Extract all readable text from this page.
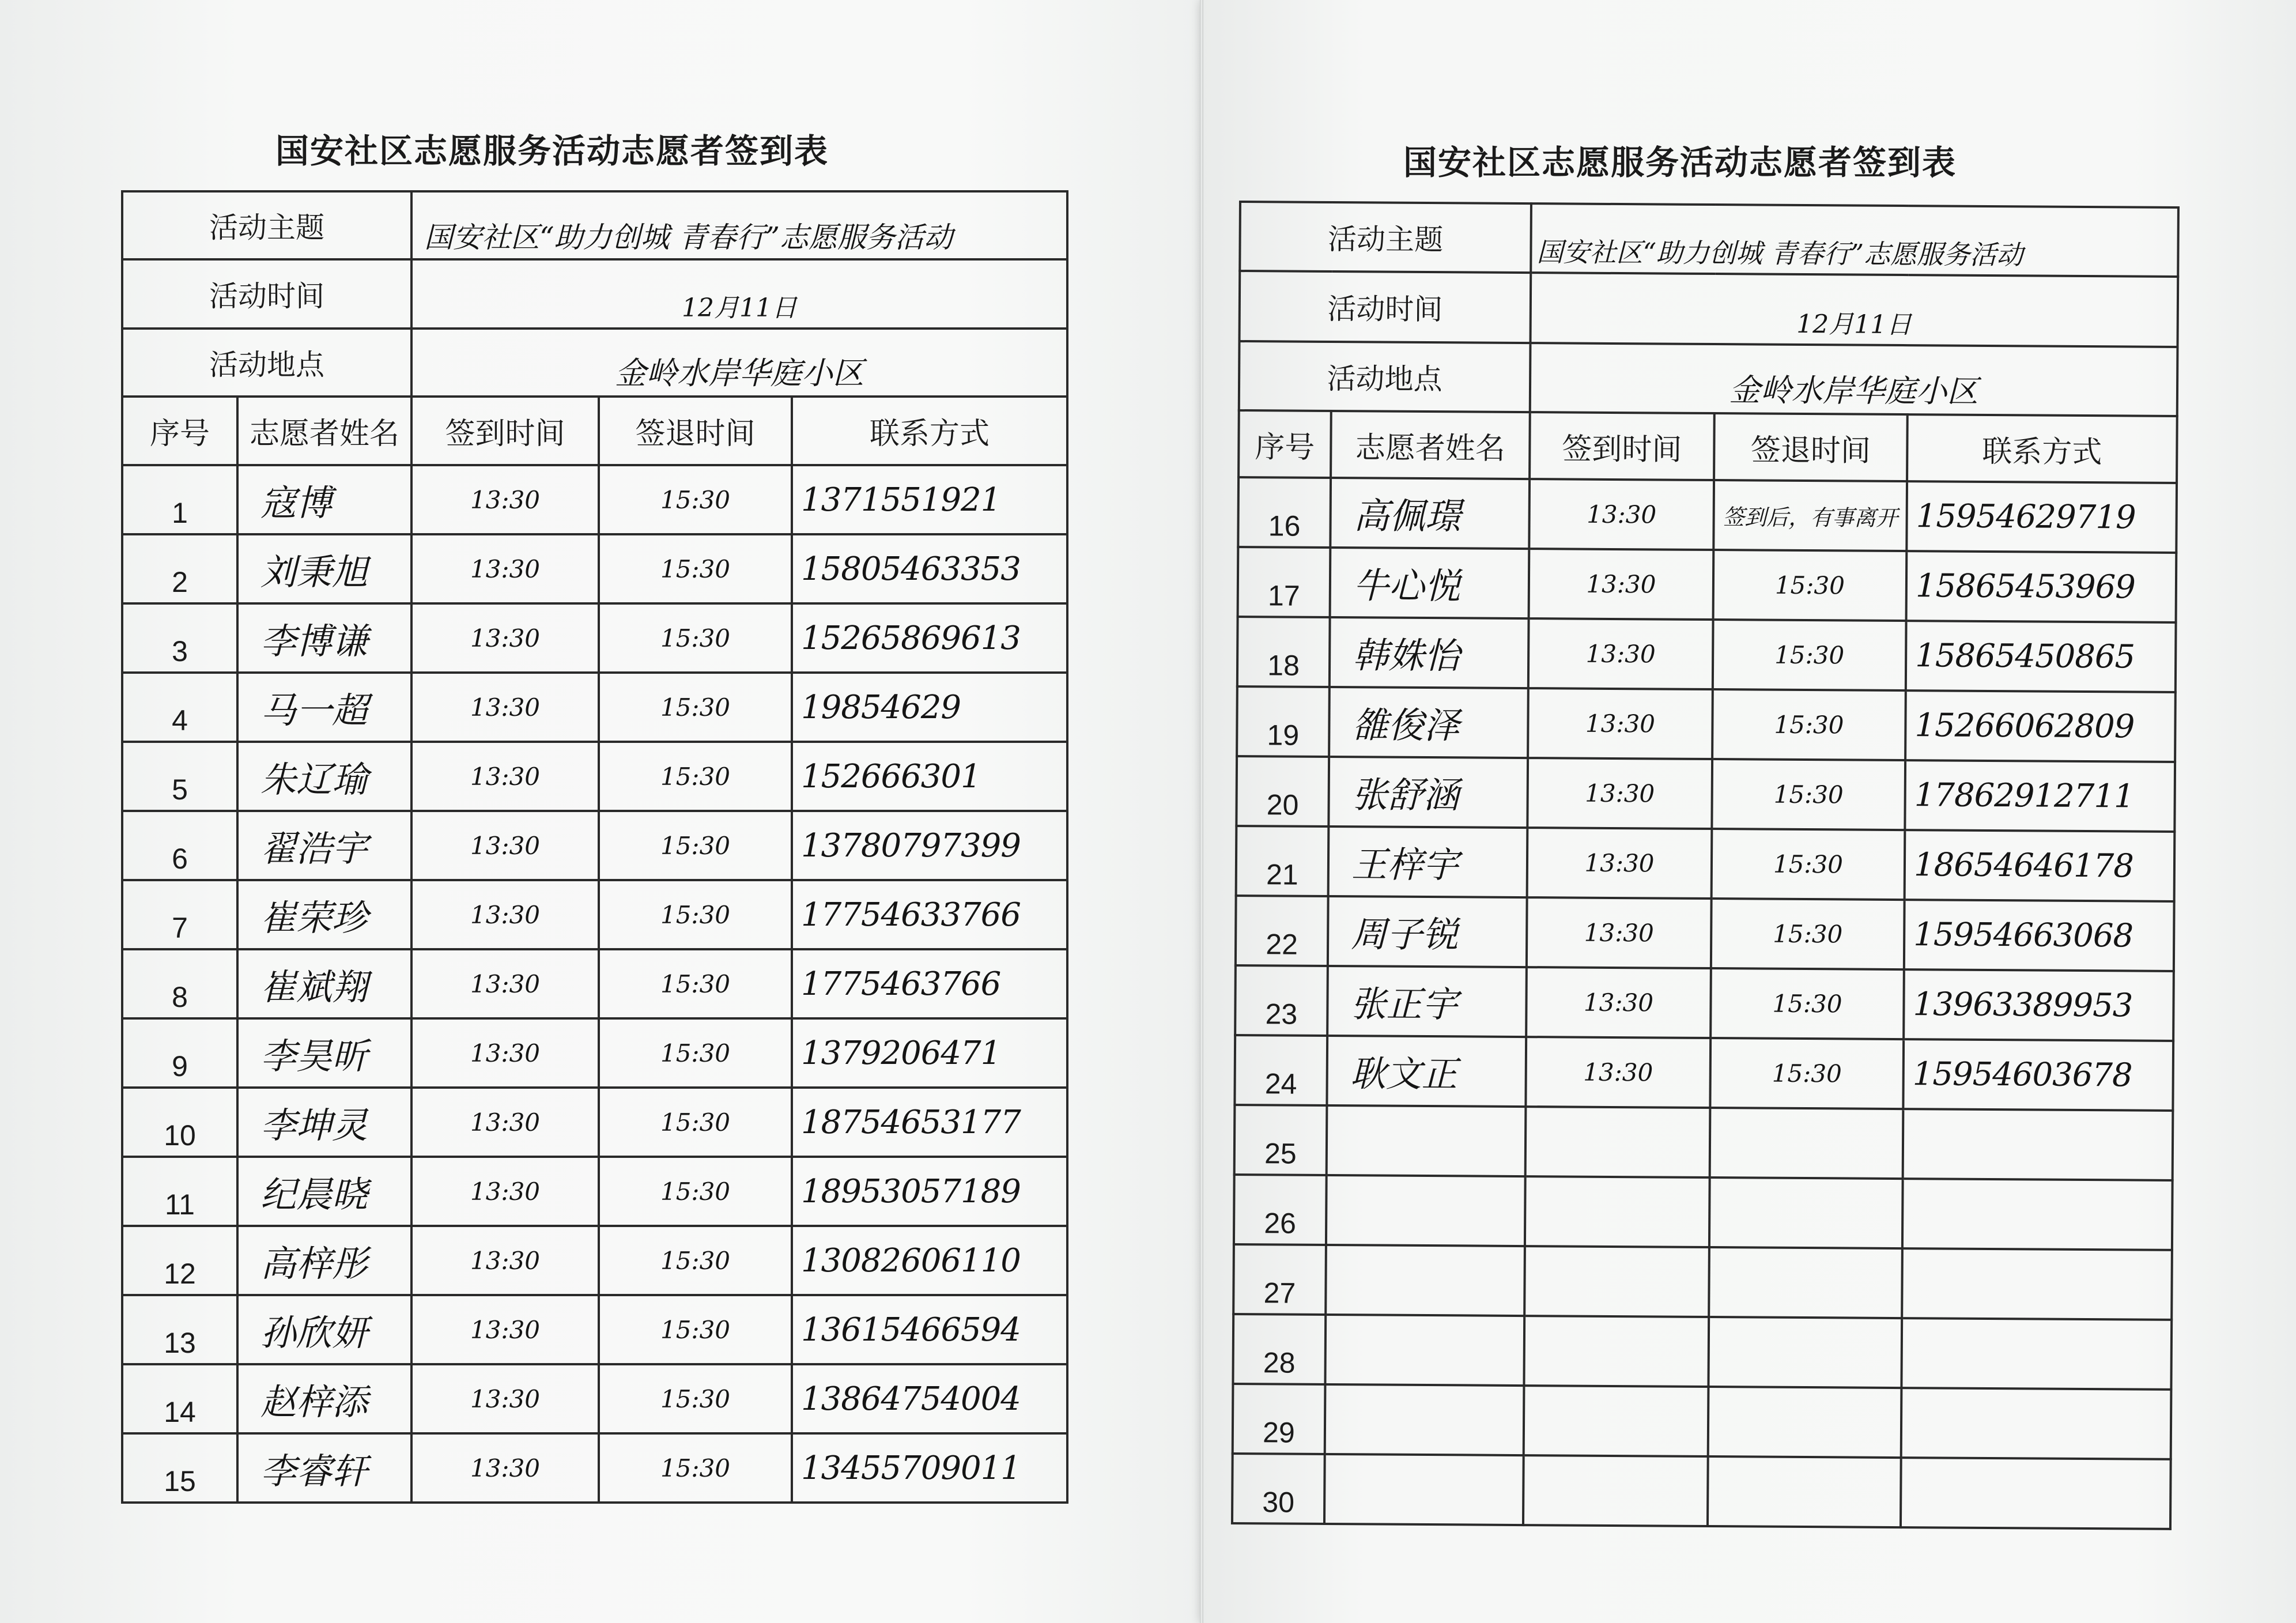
国安社区志愿服务活动志愿者签到表	国安社区志愿服务活动志愿者签到表
活动主题		国安社区“助力创城 青春行”志愿服务活动		
活动时间		12月11日		
活动地点		金岭水岸华庭小区		
序号	志愿者姓名	签到时间	签退时间	联系方式
1	寇博	13:30	15:30	1371551921
2	刘秉旭	13:30	15:30	15805463353
3	李博谦	13:30	15:30	15265869613
4	马一超	13:30	15:30	19854629
5	朱辽瑜	13:30	15:30	152666301
6	翟浩宇	13:30	15:30	13780797399
7	崔荣珍	13:30	15:30	17754633766
8	崔斌翔	13:30	15:30	1775463766
9	李昊昕	13:30	15:30	1379206471
10	李坤灵	13:30	15:30	18754653177
11	纪晨晓	13:30	15:30	18953057189
12	高梓彤	13:30	15:30	13082606110
13	孙欣妍	13:30	15:30	13615466594
14	赵梓添	13:30	15:30	13864754004
15	李睿轩	13:30	15:30	13455709011
活动主题		国安社区“助力创城 青春行”志愿服务活动		
活动时间		12月11日		
活动地点		金岭水岸华庭小区		
序号	志愿者姓名	签到时间	签退时间	联系方式
16	高佩璟	13:30	签到后，有事离开	15954629719
17	牛心悦	13:30	15:30	15865453969
18	韩姝怡	13:30	15:30	15865450865
19	雒俊泽	13:30	15:30	15266062809
20	张舒涵	13:30	15:30	17862912711
21	王梓宇	13:30	15:30	18654646178
22	周子锐	13:30	15:30	15954663068
23	张正宇	13:30	15:30	13963389953
24	耿文正	13:30	15:30	15954603678
25				
26				
27				
28				
29				
30				
